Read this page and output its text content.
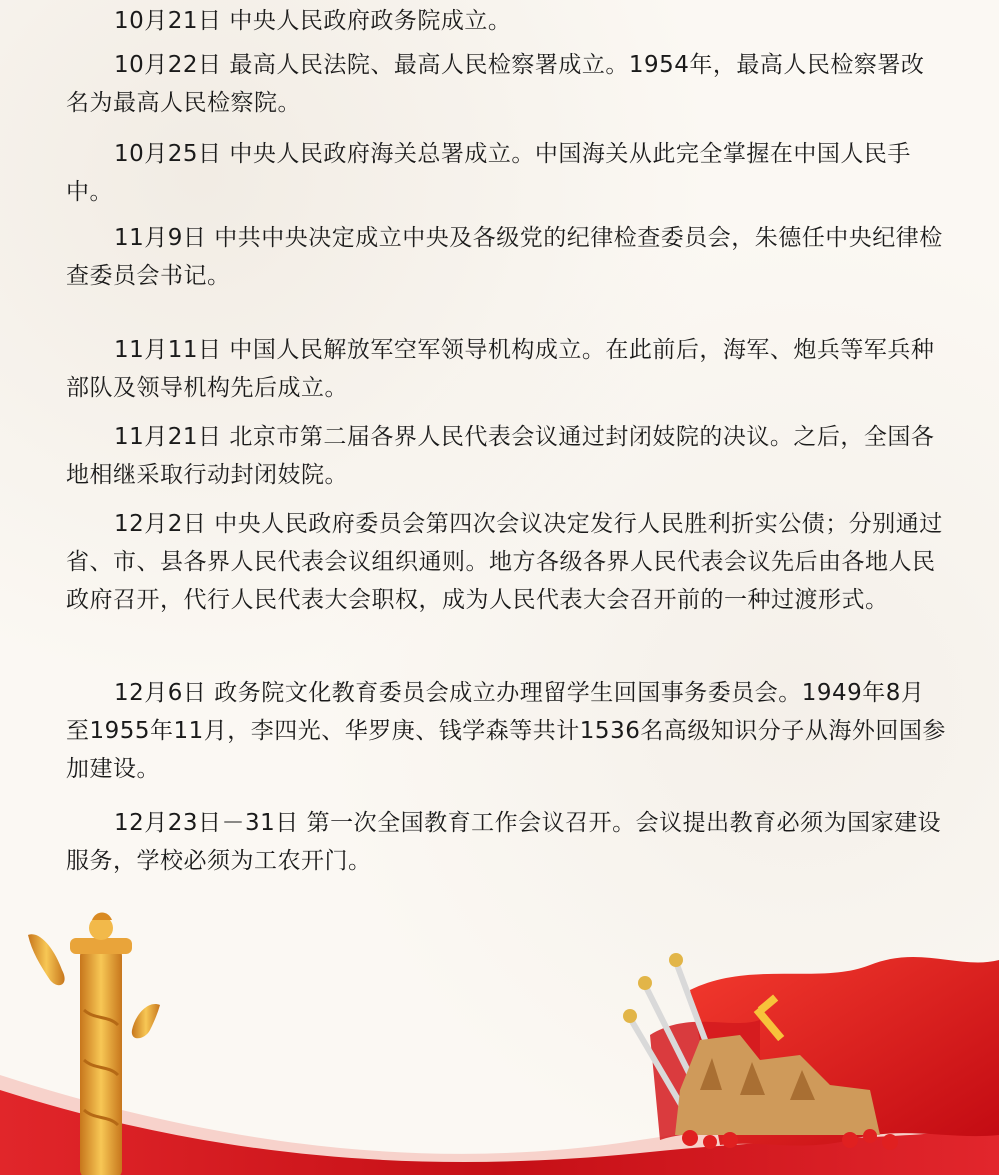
10月21日 中央人民政府政务院成立。
10月22日 最高人民法院、最高人民检察署成立。1954年，最高人民检察署改名为最高人民检察院。
10月25日 中央人民政府海关总署成立。中国海关从此完全掌握在中国人民手中。
11月9日 中共中央决定成立中央及各级党的纪律检查委员会，朱德任中央纪律检查委员会书记。
11月11日 中国人民解放军空军领导机构成立。在此前后，海军、炮兵等军兵种部队及领导机构先后成立。
11月21日 北京市第二届各界人民代表会议通过封闭妓院的决议。之后，全国各地相继采取行动封闭妓院。
12月2日 中央人民政府委员会第四次会议决定发行人民胜利折实公债；分别通过省、市、县各界人民代表会议组织通则。地方各级各界人民代表会议先后由各地人民政府召开，代行人民代表大会职权，成为人民代表大会召开前的一种过渡形式。
12月6日 政务院文化教育委员会成立办理留学生回国事务委员会。1949年8月至1955年11月，李四光、华罗庚、钱学森等共计1536名高级知识分子从海外回国参加建设。
12月23日－31日 第一次全国教育工作会议召开。会议提出教育必须为国家建设服务，学校必须为工农开门。
